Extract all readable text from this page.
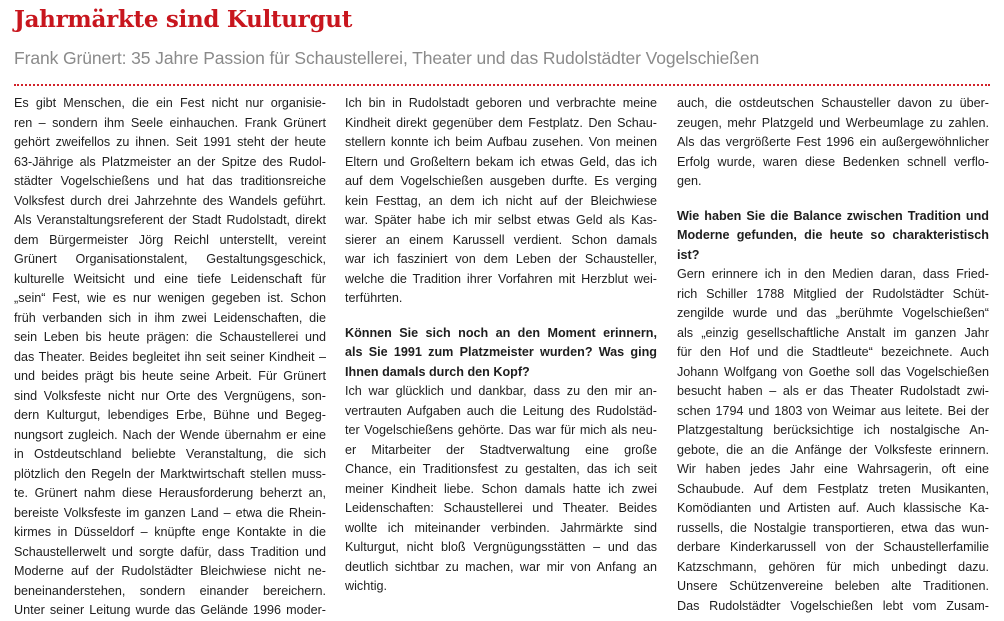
Jahrmärkte sind Kulturgut
Frank Grünert: 35 Jahre Passion für Schaustellerei, Theater und das Rudolstädter Vogelschießen
Es gibt Menschen, die ein Fest nicht nur organisie-
ren – sondern ihm Seele einhauchen. Frank Grünert
gehört zweifellos zu ihnen. Seit 1991 steht der heute
63-Jährige als Platzmeister an der Spitze des Rudol-
städter Vogelschießens und hat das traditionsreiche
Volksfest durch drei Jahrzehnte des Wandels geführt.
Als Veranstaltungsreferent der Stadt Rudolstadt, direkt
dem Bürgermeister Jörg Reichl unterstellt, vereint
Grünert Organisationstalent, Gestaltungsgeschick,
kulturelle Weitsicht und eine tiefe Leidenschaft für
„sein“ Fest, wie es nur wenigen gegeben ist. Schon
früh verbanden sich in ihm zwei Leidenschaften, die
sein Leben bis heute prägen: die Schaustellerei und
das Theater. Beides begleitet ihn seit seiner Kindheit –
und beides prägt bis heute seine Arbeit. Für Grünert
sind Volksfeste nicht nur Orte des Vergnügens, son-
dern Kulturgut, lebendiges Erbe, Bühne und Begeg-
nungsort zugleich. Nach der Wende übernahm er eine
in Ostdeutschland beliebte Veranstaltung, die sich
plötzlich den Regeln der Marktwirtschaft stellen muss-
te. Grünert nahm diese Herausforderung beherzt an,
bereiste Volksfeste im ganzen Land – etwa die Rhein-
kirmes in Düsseldorf – knüpfte enge Kontakte in die
Schaustellerwelt und sorgte dafür, dass Tradition und
Moderne auf der Rudolstädter Bleichwiese nicht ne-
beneinanderstehen, sondern einander bereichern.
Unter seiner Leitung wurde das Gelände 1996 moder-
Ich bin in Rudolstadt geboren und verbrachte meine
Kindheit direkt gegenüber dem Festplatz. Den Schau-
stellern konnte ich beim Aufbau zusehen. Von meinen
Eltern und Großeltern bekam ich etwas Geld, das ich
auf dem Vogelschießen ausgeben durfte. Es verging
kein Festtag, an dem ich nicht auf der Bleichwiese
war. Später habe ich mir selbst etwas Geld als Kas-
sierer an einem Karussell verdient. Schon damals
war ich fasziniert von dem Leben der Schausteller,
welche die Tradition ihrer Vorfahren mit Herzblut wei-
terführten.
Können Sie sich noch an den Moment erinnern,
als Sie 1991 zum Platzmeister wurden? Was ging
Ihnen damals durch den Kopf?
Ich war glücklich und dankbar, dass zu den mir an-
vertrauten Aufgaben auch die Leitung des Rudolstäd-
ter Vogelschießens gehörte. Das war für mich als neu-
er Mitarbeiter der Stadtverwaltung eine große
Chance, ein Traditionsfest zu gestalten, das ich seit
meiner Kindheit liebe. Schon damals hatte ich zwei
Leidenschaften: Schaustellerei und Theater. Beides
wollte ich miteinander verbinden. Jahrmärkte sind
Kulturgut, nicht bloß Vergnügungsstätten – und das
deutlich sichtbar zu machen, war mir von Anfang an
wichtig.
auch, die ostdeutschen Schausteller davon zu über-
zeugen, mehr Platzgeld und Werbeumlage zu zahlen.
Als das vergrößerte Fest 1996 ein außergewöhnlicher
Erfolg wurde, waren diese Bedenken schnell verflo-
gen.
Wie haben Sie die Balance zwischen Tradition und
Moderne gefunden, die heute so charakteristisch
ist?
Gern erinnere ich in den Medien daran, dass Fried-
rich Schiller 1788 Mitglied der Rudolstädter Schüt-
zengilde wurde und das „berühmte Vogelschießen“
als „einzig gesellschaftliche Anstalt im ganzen Jahr
für den Hof und die Stadtleute“ bezeichnete. Auch
Johann Wolfgang von Goethe soll das Vogelschießen
besucht haben – als er das Theater Rudolstadt zwi-
schen 1794 und 1803 von Weimar aus leitete. Bei der
Platzgestaltung berücksichtige ich nostalgische An-
gebote, die an die Anfänge der Volksfeste erinnern.
Wir haben jedes Jahr eine Wahrsagerin, oft eine
Schaubude. Auf dem Festplatz treten Musikanten,
Komödianten und Artisten auf. Auch klassische Ka-
russells, die Nostalgie transportieren, etwa das wun-
derbare Kinderkarussell von der Schaustellerfamilie
Katzschmann, gehören für mich unbedingt dazu.
Unsere Schützenvereine beleben alte Traditionen.
Das Rudolstädter Vogelschießen lebt vom Zusam-
